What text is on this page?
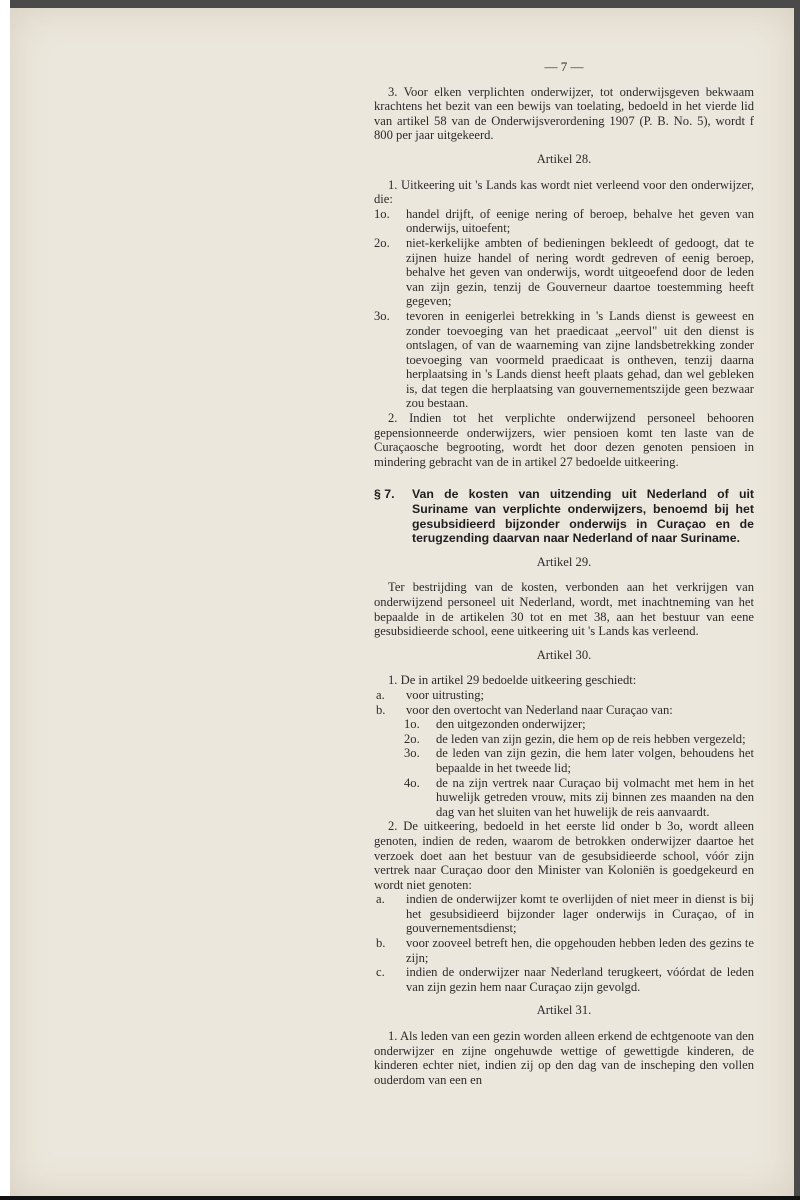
— 7 —

3. Voor elken verplichten onderwijzer, tot onderwijsgeven bekwaam krachtens het bezit van een bewijs van toelating, bedoeld in het vierde lid van artikel 58 van de Onderwijsverordening 1907 (P. B. No. 5), wordt f 800 per jaar uitgekeerd.

Artikel 28.

1. Uitkeering uit 's Lands kas wordt niet verleend voor den onderwijzer, die:

1o.	handel drijft, of eenige nering of beroep, behalve het geven van onderwijs, uitoefent;
2o.	niet-kerkelijke ambten of bedieningen bekleedt of gedoogt, dat te zijnen huize handel of nering wordt gedreven of eenig beroep, behalve het geven van onderwijs, wordt uitgeoefend door de leden van zijn gezin, tenzij de Gouverneur daartoe toestemming heeft gegeven;
3o.	tevoren in eenigerlei betrekking in 's Lands dienst is geweest en zonder toevoeging van het praedicaat „eervol" uit den dienst is ontslagen, of van de waarneming van zijne landsbetrekking zonder toevoeging van voormeld praedicaat is ontheven, tenzij daarna herplaatsing in 's Lands dienst heeft plaats gehad, dan wel gebleken is, dat tegen die herplaatsing van gouvernementszijde geen bezwaar zou bestaan.

2. Indien tot het verplichte onderwijzend personeel behooren gepensionneerde onderwijzers, wier pensioen komt ten laste van de Curaçaosche begrooting, wordt het door dezen genoten pensioen in mindering gebracht van de in artikel 27 bedoelde uitkeering.

§ 7.	Van de kosten van uitzending uit Nederland of uit Suriname van verplichte onderwijzers, benoemd bij het gesubsidieerd bijzonder onderwijs in Curaçao en de terugzending daarvan naar Nederland of naar Suriname.
Artikel 29.

Ter bestrijding van de kosten, verbonden aan het verkrijgen van onderwijzend personeel uit Nederland, wordt, met inachtneming van het bepaalde in de artikelen 30 tot en met 38, aan het bestuur van eene gesubsidieerde school, eene uitkeering uit 's Lands kas verleend.

Artikel 30.

1. De in artikel 29 bedoelde uitkeering geschiedt:

a.	voor uitrusting;
b.	voor den overtocht van Nederland naar Curaçao van:
1o.	den uitgezonden onderwijzer;
2o.	de leden van zijn gezin, die hem op de reis hebben vergezeld;
3o.	de leden van zijn gezin, die hem later volgen, behoudens het bepaalde in het tweede lid;
4o.	de na zijn vertrek naar Curaçao bij volmacht met hem in het huwelijk getreden vrouw, mits zij binnen zes maanden na den dag van het sluiten van het huwelijk de reis aanvaardt.

2. De uitkeering, bedoeld in het eerste lid onder b 3o, wordt alleen genoten, indien de reden, waarom de betrokken onderwijzer daartoe het verzoek doet aan het bestuur van de gesubsidieerde school, vóór zijn vertrek naar Curaçao door den Minister van Koloniën is goedgekeurd en wordt niet genoten:

a.	indien de onderwijzer komt te overlijden of niet meer in dienst is bij het gesubsidieerd bijzonder lager onderwijs in Curaçao, of in gouvernementsdienst;
b.	voor zooveel betreft hen, die opgehouden hebben leden des gezins te zijn;
c.	indien de onderwijzer naar Nederland terugkeert, vóórdat de leden van zijn gezin hem naar Curaçao zijn gevolgd.
Artikel 31.

1. Als leden van een gezin worden alleen erkend de echtgenoote van den onderwijzer en zijne ongehuwde wettige of gewettigde kinderen, de kinderen echter niet, indien zij op den dag van de inscheping den vollen ouderdom van een en
